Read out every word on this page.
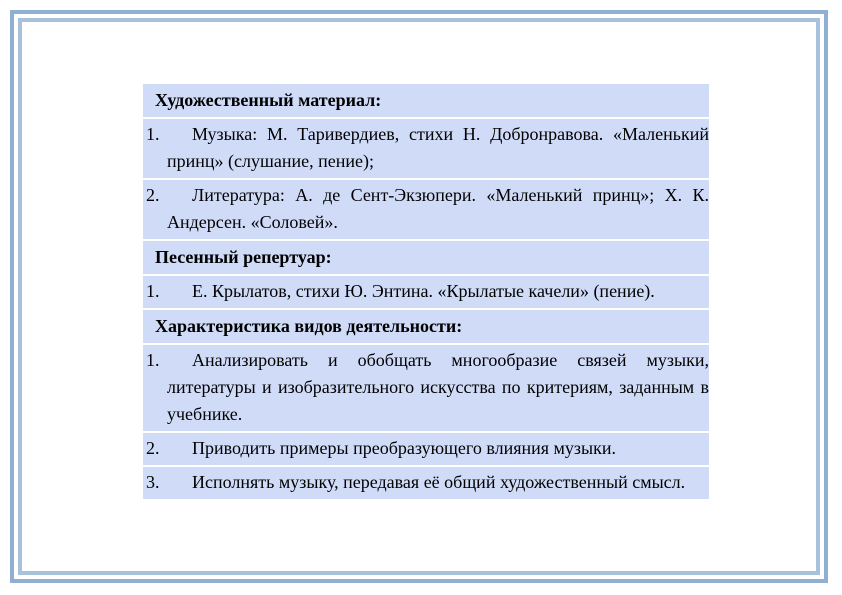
Художественный материал:
1.	Музыка: М. Таривердиев, стихи Н. Добронравова. «Маленький принц» (слушание, пение);
2.	Литература: А. де Сент-Экзюпери. «Маленький принц»; Х. К. Андерсен. «Соловей».
Песенный репертуар:
1.	Е. Крылатов, стихи Ю. Энтина. «Крылатые качели» (пение).
Характеристика видов деятельности:
1.	Анализировать и обобщать многообразие связей музыки, литературы и изобразительного искусства по критериям, заданным в учебнике.
2.	Приводить примеры преобразующего влияния музыки.
3.	Исполнять музыку, передавая её общий художественный смысл.
